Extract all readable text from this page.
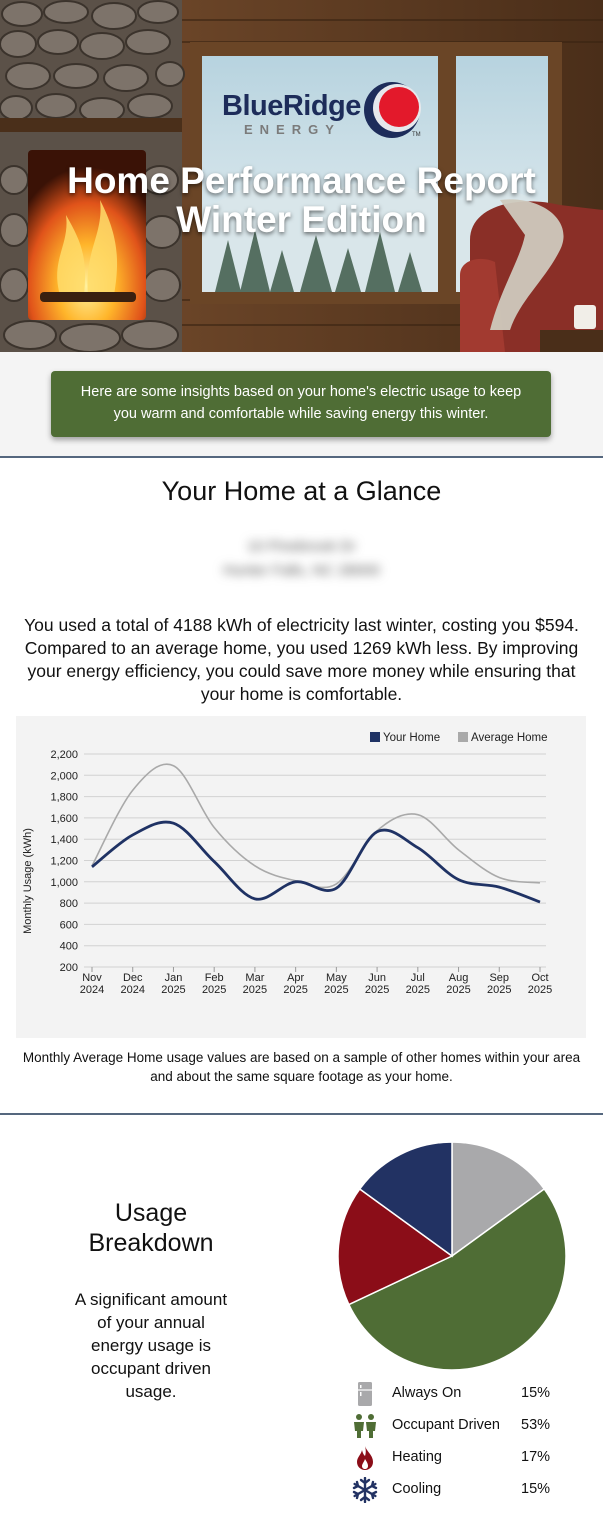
BlueRidge
ENERGY	TM
Home Performance Report
Winter Edition
Here are some insights based on your home's electric usage to keep
you warm and comfortable while saving energy this winter.
Your Home at a Glance
10 Pinebrook Dr
Hunter Falls, NC 28000
You used a total of 4188 kWh of electricity last winter, costing you $594. Compared to an average home, you used 1269 kWh less. By improving your energy efficiency, you could save more money while ensuring that your home is comfortable.
200
400
600
800
1,000
1,200
1,400
1,600
1,800
2,000
2,200
Nov
2024
Dec
2024
Jan
2025
Feb
2025
Mar
2025
Apr
2025
May
2025
Jun
2025
Jul
2025
Aug
2025
Sep
2025
Oct
2025
Your Home	Average Home
Monthly Usage (kWh)
Monthly Average Home usage values are based on a sample of other homes within your area and about the same square footage as your home.
Usage
Breakdown
A significant amount of your annual energy usage is occupant driven usage.	Always On	15%
Occupant Driven 53%
Heating	17%
Cooling	15%
